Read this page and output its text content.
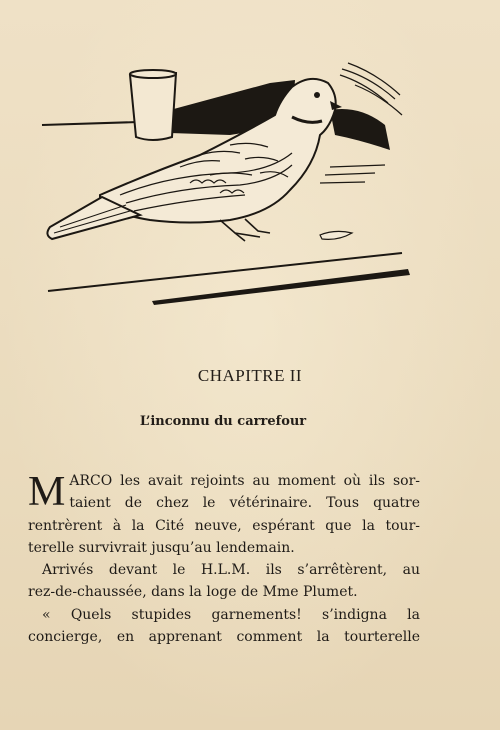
CHAPITRE II
L’inconnu du carrefour
M ARCO les avait rejoints au moment où ils sor-
taient de chez le vétérinaire. Tous quatre
rentrèrent à la Cité neuve, espérant que la tour-
terelle survivrait jusqu’au lendemain.
Arrivés devant le H.L.M. ils s’arrêtèrent, au
rez-de-chaussée, dans la loge de Mme Plumet.
« Quels stupides garnements! s’indigna la
concierge, en apprenant comment la tourterelle
